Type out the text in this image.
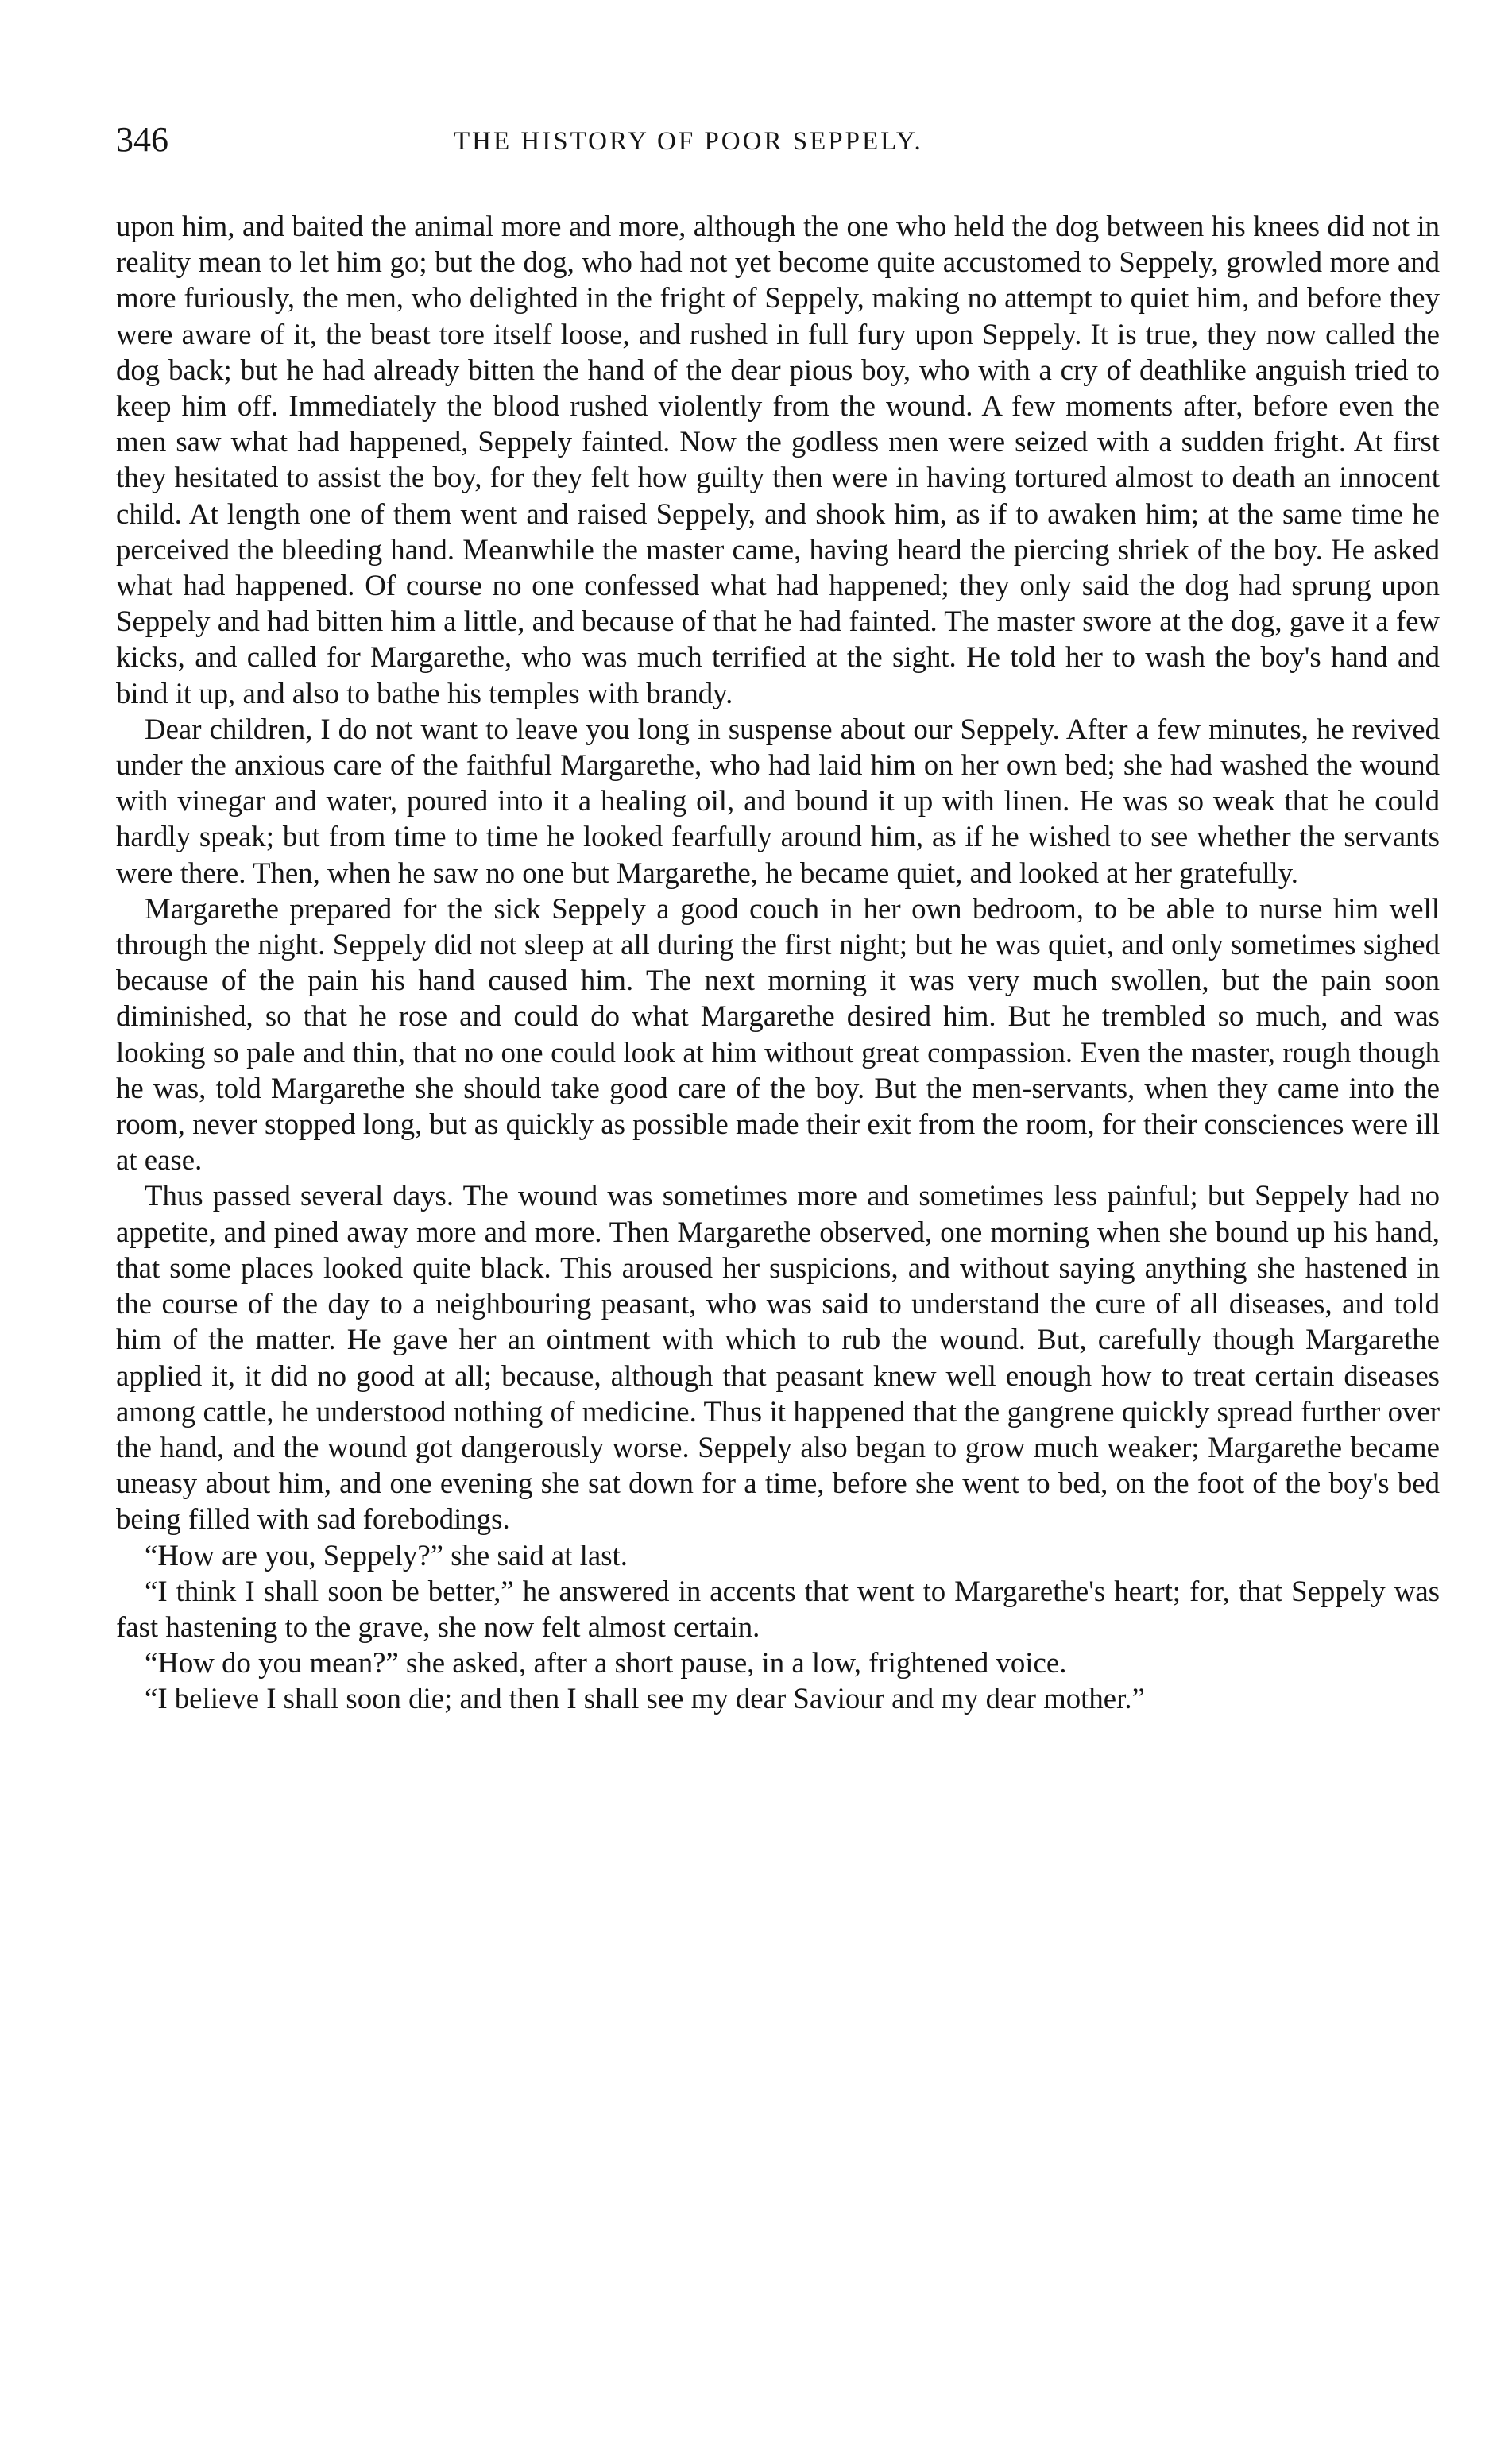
346	THE HISTORY OF POOR SEPPELY.

upon him, and baited the animal more and more, although the one who held the dog between his knees did not in reality mean to let him go; but the dog, who had not yet become quite accustomed to Seppely, growled more and more furiously, the men, who delighted in the fright of Seppely, making no attempt to quiet him, and before they were aware of it, the beast tore itself loose, and rushed in full fury upon Seppely. It is true, they now called the dog back; but he had already bitten the hand of the dear pious boy, who with a cry of deathlike anguish tried to keep him off. Immediately the blood rushed violently from the wound. A few moments after, before even the men saw what had happened, Seppely fainted. Now the godless men were seized with a sudden fright. At first they hesitated to assist the boy, for they felt how guilty then were in having tortured almost to death an innocent child. At length one of them went and raised Seppely, and shook him, as if to awaken him; at the same time he perceived the bleeding hand. Meanwhile the master came, having heard the piercing shriek of the boy. He asked what had happened. Of course no one confessed what had happened; they only said the dog had sprung upon Seppely and had bitten him a little, and because of that he had fainted. The master swore at the dog, gave it a few kicks, and called for Margarethe, who was much terrified at the sight. He told her to wash the boy's hand and bind it up, and also to bathe his temples with brandy.

Dear children, I do not want to leave you long in suspense about our Seppely. After a few minutes, he revived under the anxious care of the faithful Margarethe, who had laid him on her own bed; she had washed the wound with vinegar and water, poured into it a healing oil, and bound it up with linen. He was so weak that he could hardly speak; but from time to time he looked fearfully around him, as if he wished to see whether the servants were there. Then, when he saw no one but Margarethe, he became quiet, and looked at her gratefully.

Margarethe prepared for the sick Seppely a good couch in her own bedroom, to be able to nurse him well through the night. Seppely did not sleep at all during the first night; but he was quiet, and only sometimes sighed because of the pain his hand caused him. The next morning it was very much swollen, but the pain soon diminished, so that he rose and could do what Margarethe desired him. But he trembled so much, and was looking so pale and thin, that no one could look at him without great compassion. Even the master, rough though he was, told Margarethe she should take good care of the boy. But the men-servants, when they came into the room, never stopped long, but as quickly as possible made their exit from the room, for their consciences were ill at ease.

Thus passed several days. The wound was sometimes more and sometimes less painful; but Seppely had no appetite, and pined away more and more. Then Margarethe observed, one morning when she bound up his hand, that some places looked quite black. This aroused her suspicions, and without saying anything she hastened in the course of the day to a neighbouring peasant, who was said to understand the cure of all diseases, and told him of the matter. He gave her an ointment with which to rub the wound. But, carefully though Margarethe applied it, it did no good at all; because, although that peasant knew well enough how to treat certain diseases among cattle, he understood nothing of medicine. Thus it happened that the gangrene quickly spread further over the hand, and the wound got dangerously worse. Seppely also began to grow much weaker; Margarethe became uneasy about him, and one evening she sat down for a time, before she went to bed, on the foot of the boy's bed being filled with sad forebodings.

“How are you, Seppely?” she said at last.

“I think I shall soon be better,” he answered in accents that went to Margarethe's heart; for, that Seppely was fast hastening to the grave, she now felt almost certain.

“How do you mean?” she asked, after a short pause, in a low, frightened voice.

“I believe I shall soon die; and then I shall see my dear Saviour and my dear mother.”
